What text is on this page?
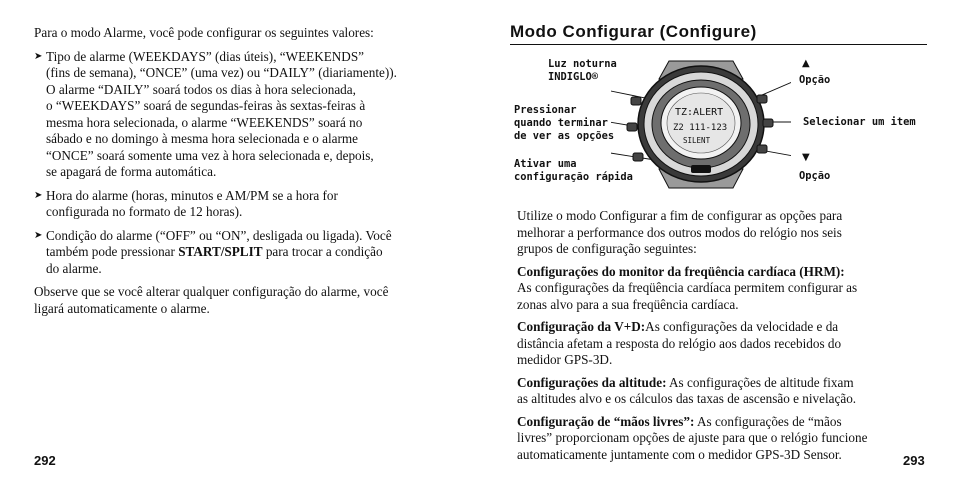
Para o modo Alarme, você pode configurar os seguintes valores:

➤ Tipo de alarme (WEEKDAYS” (dias úteis), “WEEKENDS”
(fins de semana), “ONCE” (uma vez) ou “DAILY” (diariamente)).
O alarme “DAILY” soará todos os dias à hora selecionada,
o “WEEKDAYS” soará de segundas-feiras às sextas-feiras à
mesma hora selecionada, o alarme “WEEKENDS” soará no
sábado e no domingo à mesma hora selecionada e o alarme
“ONCE” soará somente uma vez à hora selecionada e, depois,
se apagará de forma automática.
➤ Hora do alarme (horas, minutos e AM/PM se a hora for
configurada no formato de 12 horas).
➤ Condição do alarme (“OFF” ou “ON”, desligada ou ligada). Você
também pode pressionar START/SPLIT para trocar a condição
do alarme.

Observe que se você alterar qualquer configuração do alarme, você
ligará automaticamente o alarme.

292
Modo Configurar (Configure)
Luz noturna
INDIGLO®
Pressionar
quando terminar
de ver as opções
Ativar uma
configuração rápida
▲
Opção
Selecionar um item
▼
Opção
TZ:ALERT
Z2 111-123
SILENT

Utilize o modo Configurar a fim de configurar as opções para
melhorar a performance dos outros modos do relógio nos seis
grupos de configuração seguintes:

Configurações do monitor da freqüência cardíaca (HRM):
As configurações da freqüência cardíaca permitem configurar as
zonas alvo para a sua freqüência cardíaca.

Configuração da V+D:As configurações da velocidade e da
distância afetam a resposta do relógio aos dados recebidos do
medidor GPS-3D.

Configurações da altitude: As configurações de altitude fixam
as altitudes alvo e os cálculos das taxas de ascensão e nivelação.

Configuração de “mãos livres”: As configurações de “mãos
livres” proporcionam opções de ajuste para que o relógio funcione
automaticamente juntamente com o medidor GPS-3D Sensor.	293
